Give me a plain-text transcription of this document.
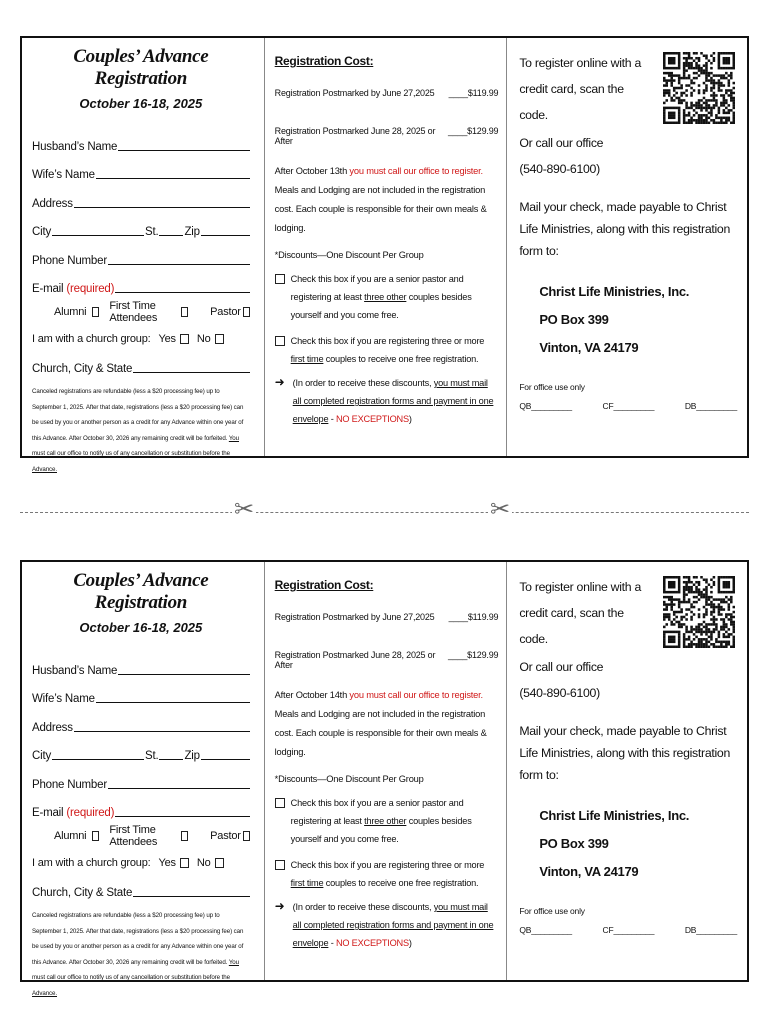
Couples’ Advance Registration
October 16-18, 2025
Husband’s Name
Wife’s Name
Address
City	St. Zip
Phone Number
E-mail
(required)
Alumni First Time Attendees	Pastor
I am with a church group: Yes No
Church, City & State
Canceled registrations are refundable (less a $20 processing fee) up to September 1, 2025. After that date, registrations (less a $20 processing fee) can be used by you or another person as a credit for any Advance within one year of this Advance. After October 30, 2026 any remaining credit will be forfeited. You must call our office to notify us of any cancellation or substitution before the Advance.
Registration Cost:
Registration Postmarked by June 27,2025 ____$119.99
Registration Postmarked June 28, 2025 or After
____$129.99
After October 13th you must call our office to register. Meals and Lodging are not included in the registration cost. Each couple is responsible for their own meals & lodging.
*Discounts—One Discount Per Group
Check this box if you are a senior pastor and registering at least three other couples besides yourself and you come free.
Check this box if you are registering three or more first time couples to receive one free registration.
➜ (In order to receive these discounts, you must mail all completed registration forms and payment in one envelope - NO EXCEPTIONS)
To register online with a credit card, scan the code.
Or call our office
(540-890-6100)
Mail your check, made payable to Christ Life Ministries, along with this registration form to:
Christ Life Ministries, Inc.
PO Box 399
Vinton, VA 24179
For office use only
QB_________	CF_________	DB_________
✂	✂
Couples’ Advance Registration
October 16-18, 2025
Husband’s Name
Wife’s Name
Address
City	St. Zip
Phone Number
E-mail
(required)
Alumni First Time Attendees	Pastor
I am with a church group: Yes No
Church, City & State
Canceled registrations are refundable (less a $20 processing fee) up to September 1, 2025. After that date, registrations (less a $20 processing fee) can be used by you or another person as a credit for any Advance within one year of this Advance. After October 30, 2026 any remaining credit will be forfeited. You must call our office to notify us of any cancellation or substitution before the Advance.
Registration Cost:
Registration Postmarked by June 27,2025 ____$119.99
Registration Postmarked June 28, 2025 or After
____$129.99
After October 14th you must call our office to register. Meals and Lodging are not included in the registration cost. Each couple is responsible for their own meals & lodging.
*Discounts—One Discount Per Group
Check this box if you are a senior pastor and registering at least three other couples besides yourself and you come free.
Check this box if you are registering three or more first time couples to receive one free registration.
➜ (In order to receive these discounts, you must mail all completed registration forms and payment in one envelope - NO EXCEPTIONS)
To register online with a credit card, scan the code.
Or call our office
(540-890-6100)
Mail your check, made payable to Christ Life Ministries, along with this registration form to:
Christ Life Ministries, Inc.
PO Box 399
Vinton, VA 24179
For office use only
QB_________	CF_________	DB_________
